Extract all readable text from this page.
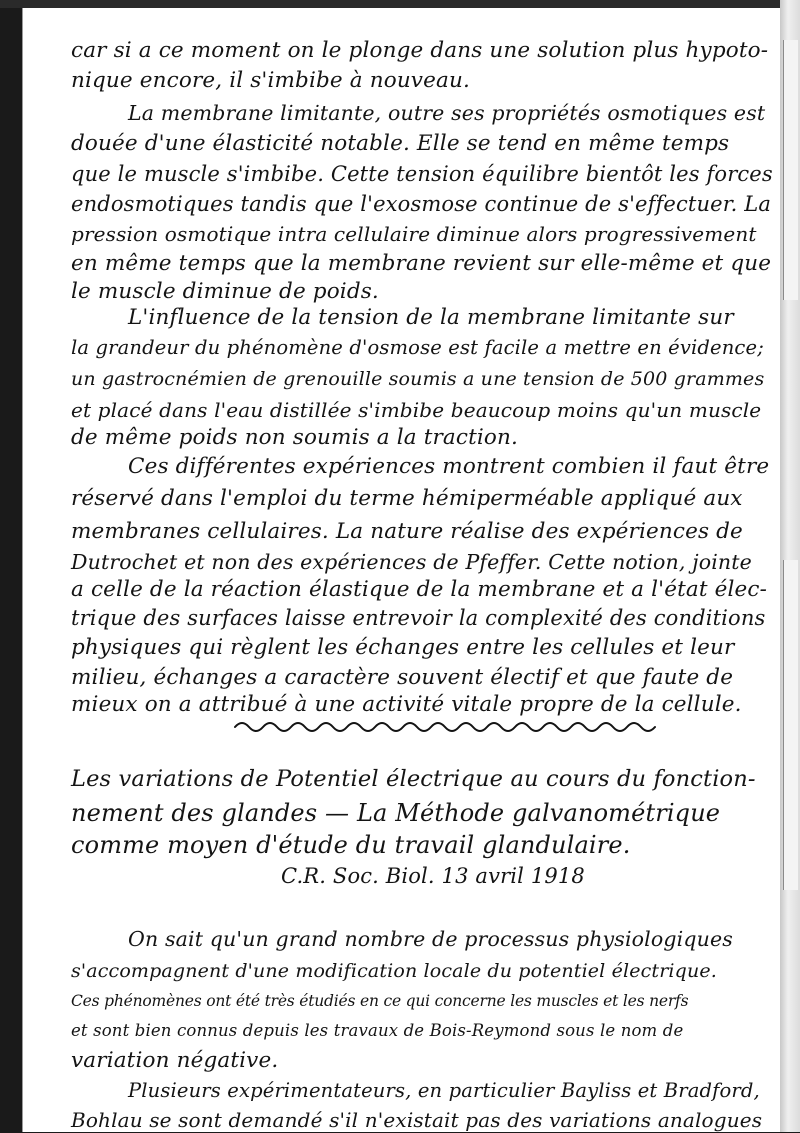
car si a ce moment on le plonge dans une solution plus hypoto-
nique encore, il s'imbibe à nouveau.
La membrane limitante, outre ses propriétés osmotiques est
douée d'une élasticité notable. Elle se tend en même temps
que le muscle s'imbibe. Cette tension équilibre bientôt les forces
endosmotiques tandis que l'exosmose continue de s'effectuer. La
pression osmotique intra cellulaire diminue alors progressivement
en même temps que la membrane revient sur elle-même et que
le muscle diminue de poids.
L'influence de la tension de la membrane limitante sur
la grandeur du phénomène d'osmose est facile a mettre en évidence;
un gastrocnémien de grenouille soumis a une tension de 500 grammes
et placé dans l'eau distillée s'imbibe beaucoup moins qu'un muscle
de même poids non soumis a la traction.
Ces différentes expériences montrent combien il faut être
réservé dans l'emploi du terme hémiperméable appliqué aux
membranes cellulaires. La nature réalise des expériences de
Dutrochet et non des expériences de Pfeffer. Cette notion, jointe
a celle de la réaction élastique de la membrane et a l'état élec-
trique des surfaces laisse entrevoir la complexité des conditions
physiques qui règlent les échanges entre les cellules et leur
milieu, échanges a caractère souvent électif et que faute de
mieux on a attribué à une activité vitale propre de la cellule.
Les variations de Potentiel électrique au cours du fonction-
nement des glandes — La Méthode galvanométrique
comme moyen d'étude du travail glandulaire.
C.R. Soc. Biol. 13 avril 1918
On sait qu'un grand nombre de processus physiologiques
s'accompagnent d'une modification locale du potentiel électrique.
Ces phénomènes ont été très étudiés en ce qui concerne les muscles et les nerfs
et sont bien connus depuis les travaux de Bois-Reymond sous le nom de
variation négative.
Plusieurs expérimentateurs, en particulier Bayliss et Bradford,
Bohlau se sont demandé s'il n'existait pas des variations analogues
